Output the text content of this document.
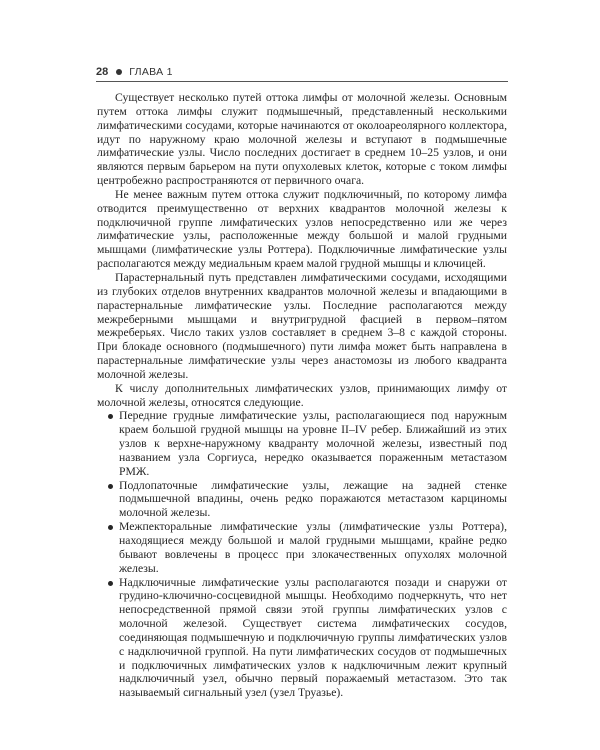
28 ГЛАВА 1

Существует несколько путей оттока лимфы от молочной железы. Основным путем оттока лимфы служит подмышечный, представленный несколькими лимфатическими сосудами, которые начинаются от околоареолярного коллектора, идут по наружному краю молочной железы и вступают в подмышечные лимфатические узлы. Число последних достигает в среднем 10–25 узлов, и они являются первым барьером на пути опухолевых клеток, которые с током лимфы центробежно распространяются от первичного очага.

Не менее важным путем оттока служит подключичный, по которому лимфа отводится преимущественно от верхних квадрантов молочной железы к подключичной группе лимфатических узлов непосредственно или же через лимфатические узлы, расположенные между большой и малой грудными мышцами (лимфатические узлы Роттера). Подключичные лимфатические узлы располагаются между медиальным краем малой грудной мышцы и ключицей.

Парастернальный путь представлен лимфатическими сосудами, исходящими из глубоких отделов внутренних квадрантов молочной железы и впадающими в парастернальные лимфатические узлы. Последние располагаются между межреберными мышцами и внутригрудной фасцией в первом–пятом межреберьях. Число таких узлов составляет в среднем 3–8 с каждой стороны. При блокаде основного (подмышечного) пути лимфа может быть направлена в парастернальные лимфатические узлы через анастомозы из любого квадранта молочной железы.

К числу дополнительных лимфатических узлов, принимающих лимфу от молочной железы, относятся следующие.

Передние грудные лимфатические узлы, располагающиеся под наружным краем большой грудной мышцы на уровне II–IV ребер. Ближайший из этих узлов к верхне-наружному квадранту молочной железы, известный под названием узла Соргиуса, нередко оказывается пораженным метастазом РМЖ.
Подлопаточные лимфатические узлы, лежащие на задней стенке подмышечной впадины, очень редко поражаются метастазом карциномы молочной железы.
Межпекторальные лимфатические узлы (лимфатические узлы Роттера), находящиеся между большой и малой грудными мышцами, крайне редко бывают вовлечены в процесс при злокачественных опухолях молочной железы.
Надключичные лимфатические узлы располагаются позади и снаружи от грудино-ключично-сосцевидной мышцы. Необходимо подчеркнуть, что нет непосредственной прямой связи этой группы лимфатических узлов с молочной железой. Существует система лимфатических сосудов, соединяющая подмышечную и подключичную группы лимфатических узлов с надключичной группой. На пути лимфатических сосудов от подмышечных и подключичных лимфатических узлов к надключичным лежит крупный надключичный узел, обычно первый поражаемый метастазом. Это так называемый сигнальный узел (узел Труазье).
